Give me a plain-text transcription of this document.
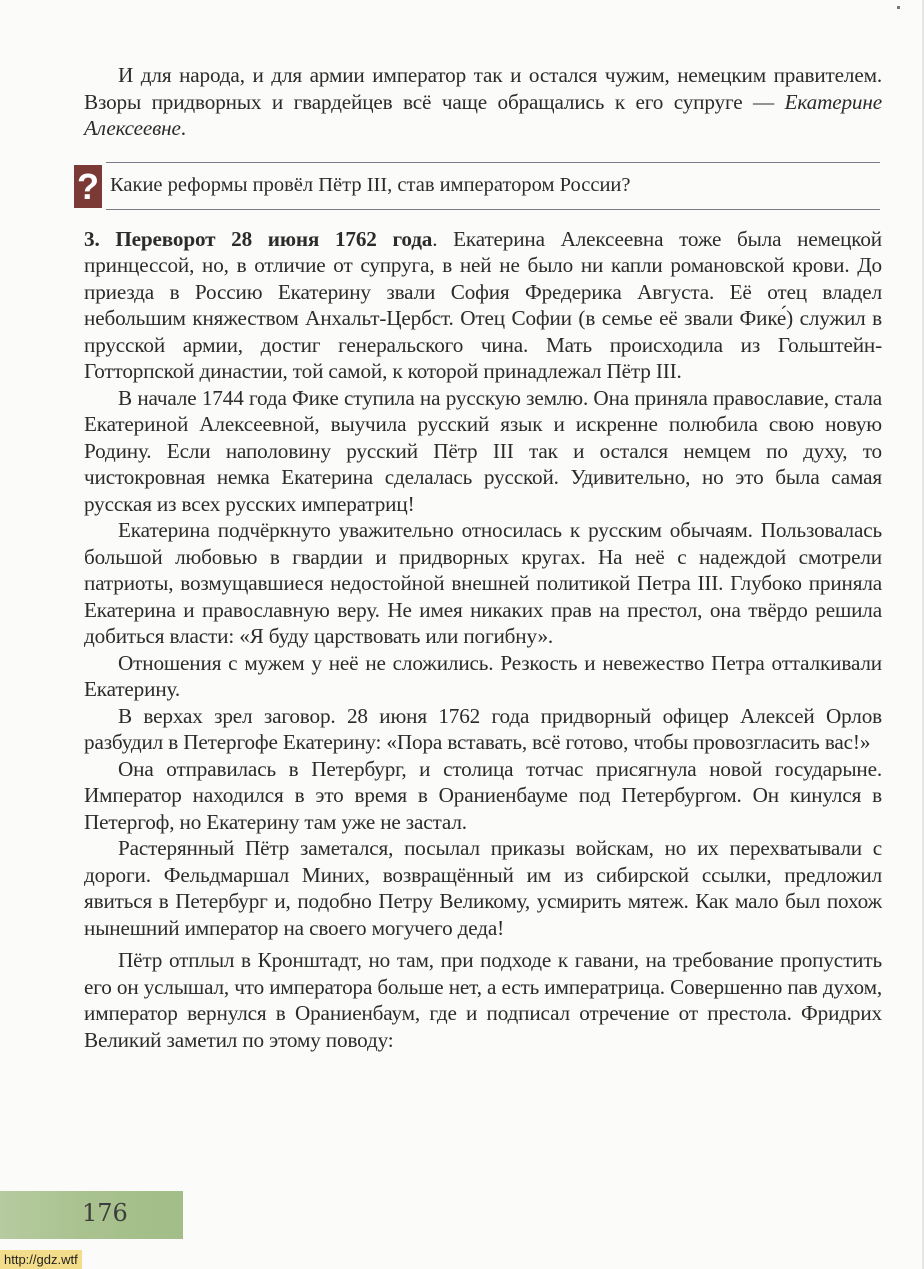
И для народа, и для армии император так и остался чужим, немецким правителем. Взоры придворных и гвардейцев всё чаще обращались к его супруге — Екатерине Алексеевне.

? Какие реформы провёл Пётр III, став императором России?

3. Переворот 28 июня 1762 года. Екатерина Алексеевна тоже была немецкой принцессой, но, в отличие от супруга, в ней не было ни капли романовской крови. До приезда в Россию Екатерину звали София Фредерика Августа. Её отец владел небольшим княжеством Анхальт-Цербст. Отец Софии (в семье её звали Фике́) служил в прусской армии, достиг генеральского чина. Мать происходила из Гольштейн-Готторпской династии, той самой, к которой принадлежал Пётр III.

В начале 1744 года Фике ступила на русскую землю. Она приняла православие, стала Екатериной Алексеевной, выучила русский язык и искренне полюбила свою новую Родину. Если наполовину русский Пётр III так и остался немцем по духу, то чистокровная немка Екатерина сделалась русской. Удивительно, но это была самая русская из всех русских императриц!

Екатерина подчёркнуто уважительно относилась к русским обычаям. Пользовалась большой любовью в гвардии и придворных кругах. На неё с надеждой смотрели патриоты, возмущавшиеся недостойной внешней политикой Петра III. Глубоко приняла Екатерина и православную веру. Не имея никаких прав на престол, она твёрдо решила добиться власти: «Я буду царствовать или погибну».

Отношения с мужем у неё не сложились. Резкость и невежество Петра отталкивали Екатерину.

В верхах зрел заговор. 28 июня 1762 года придворный офицер Алексей Орлов разбудил в Петергофе Екатерину: «Пора вставать, всё готово, чтобы провозгласить вас!»

Она отправилась в Петербург, и столица тотчас присягнула новой государыне. Император находился в это время в Ораниенбауме под Петербургом. Он кинулся в Петергоф, но Екатерину там уже не застал.

Растерянный Пётр заметался, посылал приказы войскам, но их перехватывали с дороги. Фельдмаршал Миних, возвращённый им из сибирской ссылки, предложил явиться в Петербург и, подобно Петру Великому, усмирить мятеж. Как мало был похож нынешний император на своего могучего деда!

Пётр отплыл в Кронштадт, но там, при подходе к гавани, на требование пропустить его он услышал, что императора больше нет, а есть императрица. Совершенно пав духом, император вернулся в Ораниенбаум, где и подписал отречение от престола. Фридрих Великий заметил по этому поводу:

176
http://gdz.wtf
